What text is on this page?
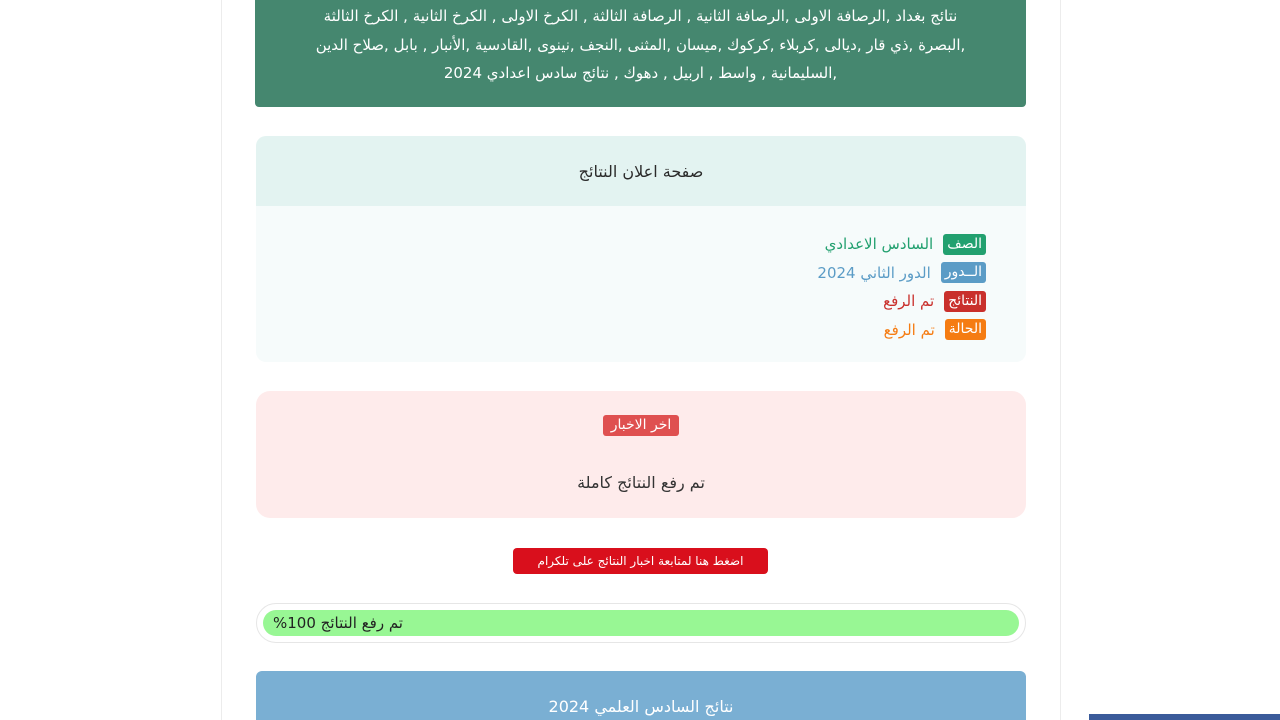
نتائج بغداد ,الرصافة الاولى ,الرصافة الثانية , الرصافة الثالثة , الكرخ الاولى , الكرخ الثانية , الكرخ الثالثة ,البصرة ,ذي قار ,ديالى ,كربلاء ,كركوك ,ميسان ,المثنى ,النجف ,نينوى ,القادسية ,الأنبار , بابل ,صلاح الدين ,السليمانية , واسط , اربيل , دهوك , نتائج سادس اعدادي 2024
صفحة اعلان النتائج
الصف
السادس الاعدادي
الــدور
الدور الثاني 2024
النتائج
تم الرفع
الحالة
تم الرفع
اخر الاخبار
تم رفع النتائج كاملة
اضغط هنا لمتابعة اخبار النتائج على تلكرام
تم رفع النتائج 100%
نتائج السادس العلمي 2024
